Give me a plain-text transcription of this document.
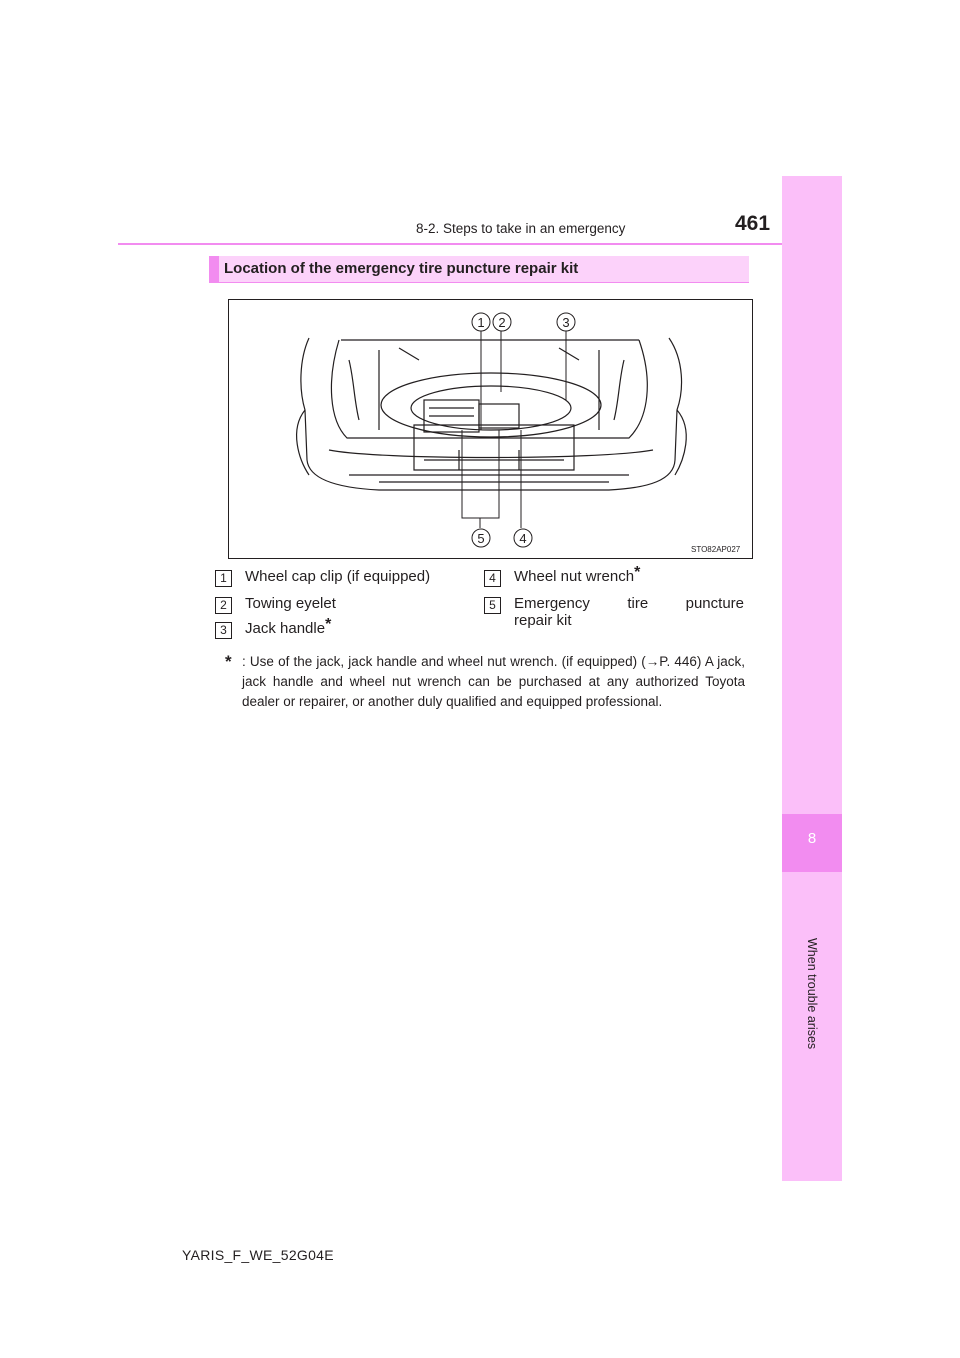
8-2. Steps to take in an emergency	461
8
When trouble arises
Location of the emergency tire puncture repair kit
1 2	3
4
5
STO82AP027
1 Wheel cap clip (if equipped)
2 Towing eyelet
3 Jack handle*
4 Wheel nut wrench*
5 Emergency tire puncture
repair kit
* : Use of the jack, jack handle and wheel nut wrench. (if equipped) (→P. 446) A jack, jack handle and wheel nut wrench can be purchased at any authorized Toyota dealer or repairer, or another duly qualified and equipped professional.
YARIS_F_WE_52G04E
